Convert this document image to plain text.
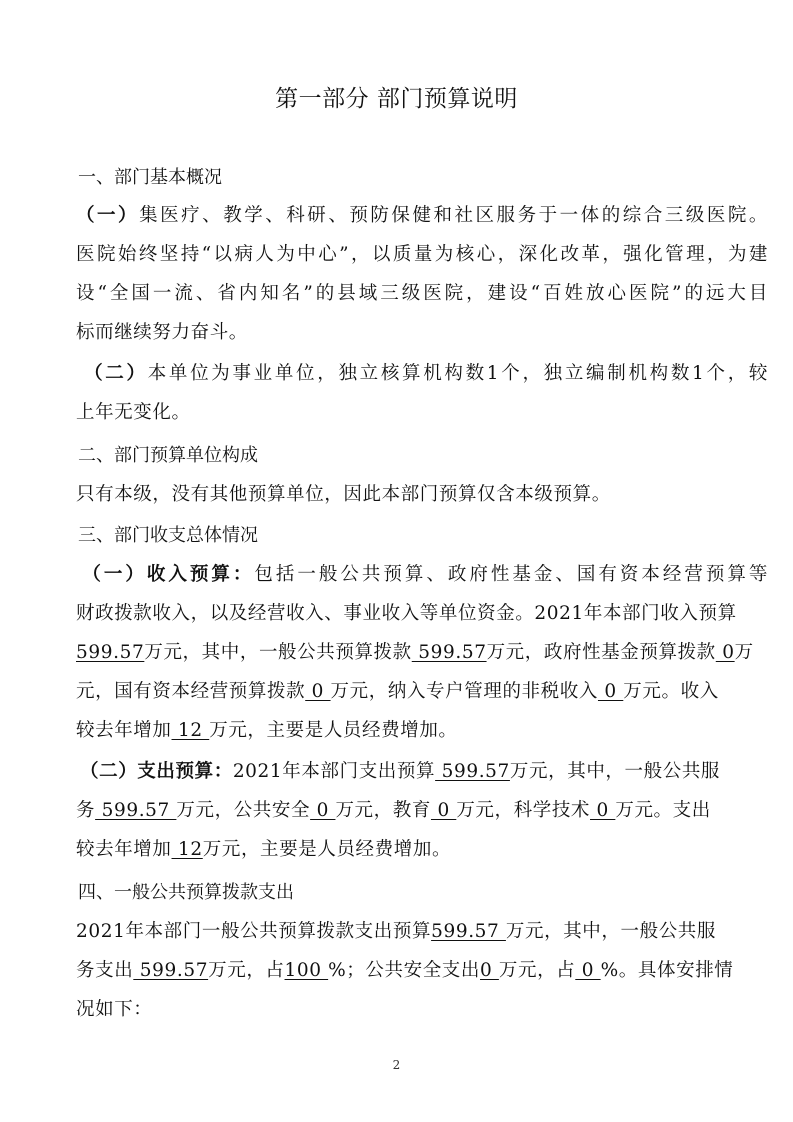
第一部分 部门预算说明
一、部门基本概况
（一）集医疗、教学、科研、预防保健和社区服务于一体的综合三级医院。
医院始终坚持“以病人为中心”，以质量为核心，深化改革，强化管理，为建
设“全国一流、省内知名”的县域三级医院，建设“百姓放心医院”的远大目
标而继续努力奋斗。
（二）本单位为事业单位，独立核算机构数1个，独立编制机构数1个，较
上年无变化。
二、部门预算单位构成
只有本级，没有其他预算单位，因此本部门预算仅含本级预算。
三、部门收支总体情况
（一）收入预算：包括一般公共预算、政府性基金、国有资本经营预算等
财政拨款收入，以及经营收入、事业收入等单位资金。2021年本部门收入预算
599.57万元，其中，一般公共预算拨款 599.57万元，政府性基金预算拨款 0万
元，国有资本经营预算拨款 0 万元，纳入专户管理的非税收入 0 万元。收入
较去年增加 12 万元，主要是人员经费增加。
（二）支出预算：2021年本部门支出预算 599.57万元，其中，一般公共服
务 599.57 万元，公共安全 0 万元，教育 0 万元，科学技术 0 万元。支出
较去年增加 12万元，主要是人员经费增加。
四、一般公共预算拨款支出
2021年本部门一般公共预算拨款支出预算599.57 万元，其中，一般公共服
务支出 599.57万元，占100 %；公共安全支出0 万元，占 0 %。具体安排情
况如下：
2
